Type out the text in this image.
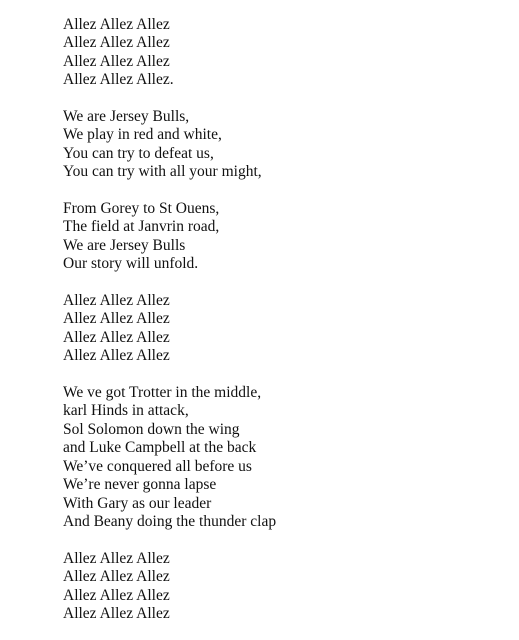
Allez Allez Allez
Allez Allez Allez
Allez Allez Allez
Allez Allez Allez.
We are Jersey Bulls,
We play in red and white,
You can try to defeat us,
You can try with all your might,
From Gorey to St Ouens,
The field at Janvrin road,
We are Jersey Bulls
Our story will unfold.
Allez Allez Allez
Allez Allez Allez
Allez Allez Allez
Allez Allez Allez
We ve got Trotter in the middle,
karl Hinds in attack,
Sol Solomon down the wing
and Luke Campbell at the back
We’ve conquered all before us
We’re never gonna lapse
With Gary as our leader
And Beany doing the thunder clap
Allez Allez Allez
Allez Allez Allez
Allez Allez Allez
Allez Allez Allez
